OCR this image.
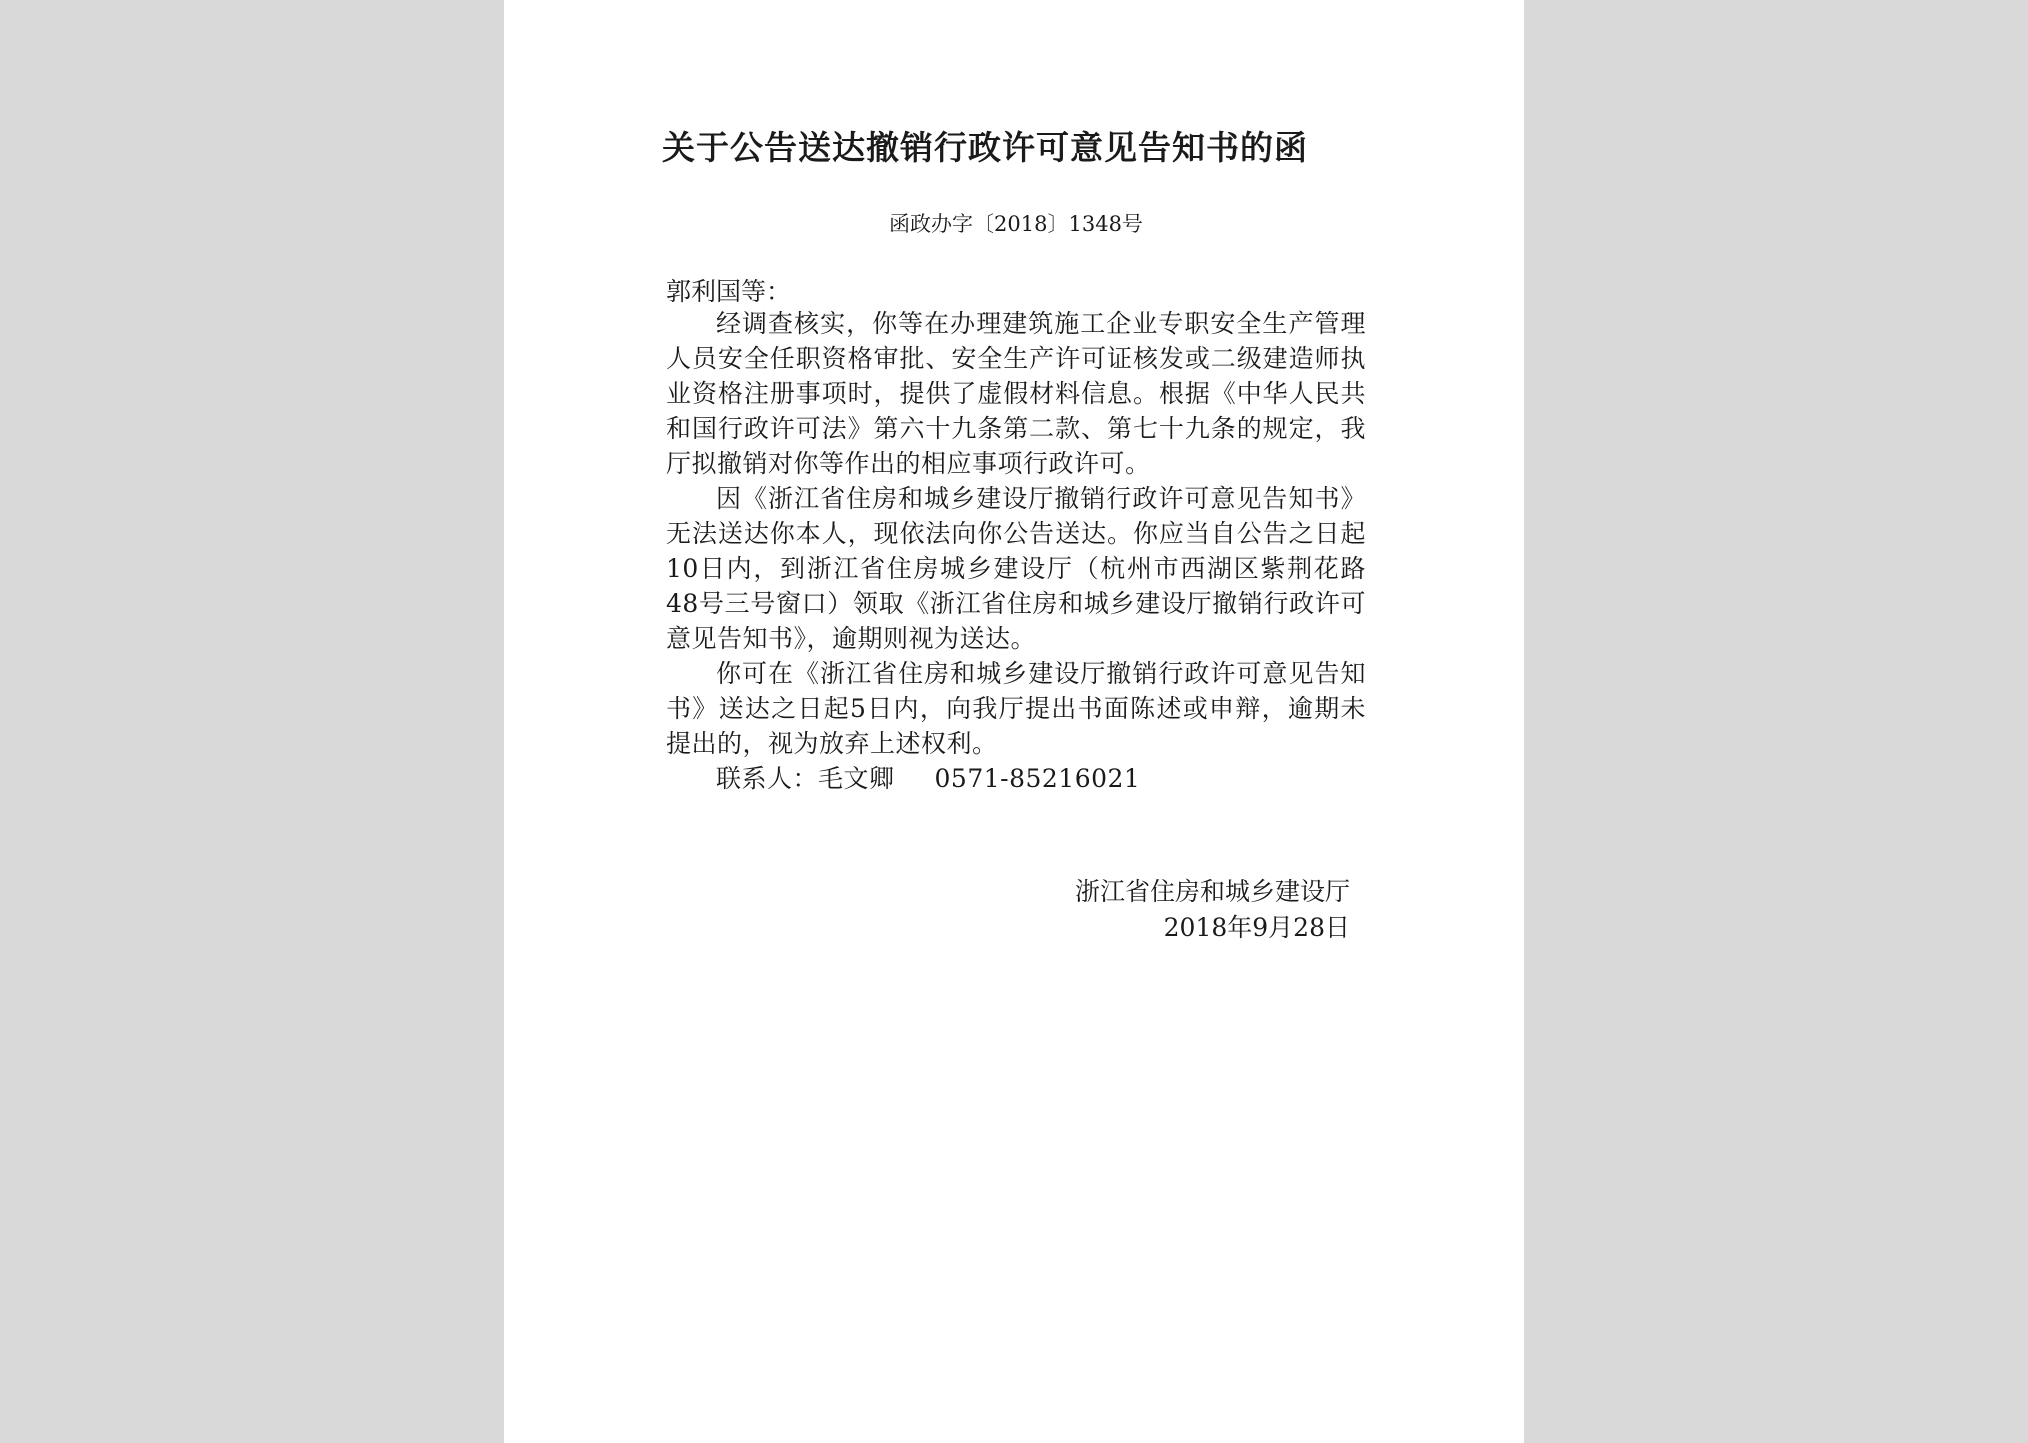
关于公告送达撤销行政许可意见告知书的函
函政办字〔2018〕1348号
郭利国等：

经调查核实，你等在办理建筑施工企业专职安全生产管理人员安全任职资格审批、安全生产许可证核发或二级建造师执业资格注册事项时，提供了虚假材料信息。根据《中华人民共和国行政许可法》第六十九条第二款、第七十九条的规定，我厅拟撤销对你等作出的相应事项行政许可。

因《浙江省住房和城乡建设厅撤销行政许可意见告知书》无法送达你本人，现依法向你公告送达。你应当自公告之日起10日内，到浙江省住房城乡建设厅（杭州市西湖区紫荆花路48号三号窗口）领取《浙江省住房和城乡建设厅撤销行政许可意见告知书》，逾期则视为送达。

你可在《浙江省住房和城乡建设厅撤销行政许可意见告知书》送达之日起5日内，向我厅提出书面陈述或申辩，逾期未提出的，视为放弃上述权利。

联系人：毛文卿 0571-85216021

浙江省住房和城乡建设厅
2018年9月28日
